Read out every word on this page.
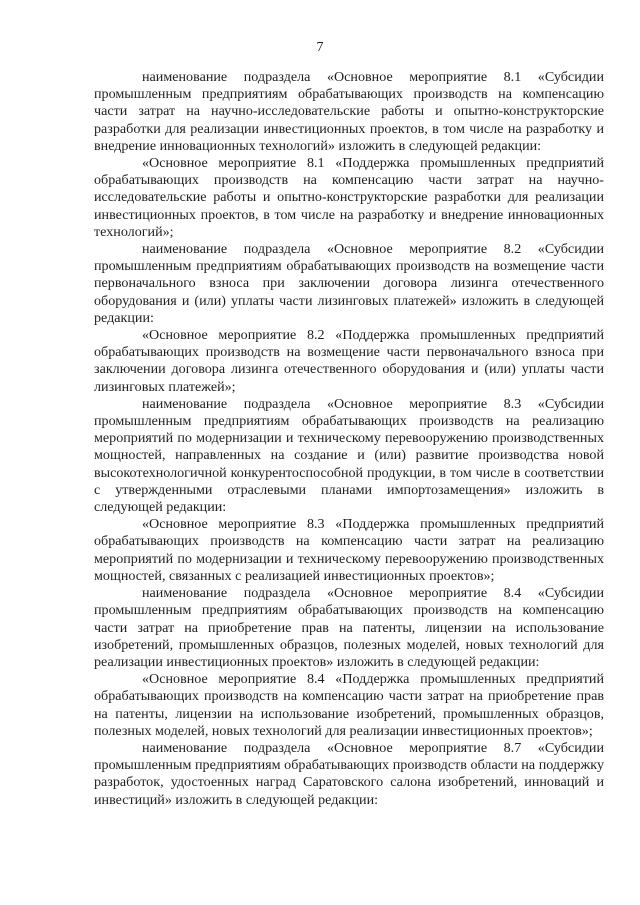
7

наименование подраздела «Основное мероприятие 8.1 «Субсидии промышленным предприятиям обрабатывающих производств на компенсацию части затрат на научно-исследовательские работы и опытно-конструкторские разработки для реализации инвестиционных проектов, в том числе на разработку и внедрение инновационных технологий» изложить в следующей редакции:

«Основное мероприятие 8.1 «Поддержка промышленных предприятий обрабатывающих производств на компенсацию части затрат на научно-исследовательские работы и опытно-конструкторские разработки для реализации инвестиционных проектов, в том числе на разработку и внедрение инновационных технологий»;

наименование подраздела «Основное мероприятие 8.2 «Субсидии промышленным предприятиям обрабатывающих производств на возмещение части первоначального взноса при заключении договора лизинга отечественного оборудования и (или) уплаты части лизинговых платежей» изложить в следующей редакции:

«Основное мероприятие 8.2 «Поддержка промышленных предприятий обрабатывающих производств на возмещение части первоначального взноса при заключении договора лизинга отечественного оборудования и (или) уплаты части лизинговых платежей»;

наименование подраздела «Основное мероприятие 8.3 «Субсидии промышленным предприятиям обрабатывающих производств на реализацию мероприятий по модернизации и техническому перевооружению производственных мощностей, направленных на создание и (или) развитие производства новой высокотехнологичной конкурентоспособной продукции, в том числе в соответствии с утвержденными отраслевыми планами импортозамещения» изложить в следующей редакции:

«Основное мероприятие 8.3 «Поддержка промышленных предприятий обрабатывающих производств на компенсацию части затрат на реализацию мероприятий по модернизации и техническому перевооружению производственных мощностей, связанных с реализацией инвестиционных проектов»;

наименование подраздела «Основное мероприятие 8.4 «Субсидии промышленным предприятиям обрабатывающих производств на компенсацию части затрат на приобретение прав на патенты, лицензии на использование изобретений, промышленных образцов, полезных моделей, новых технологий для реализации инвестиционных проектов» изложить в следующей редакции:

«Основное мероприятие 8.4 «Поддержка промышленных предприятий обрабатывающих производств на компенсацию части затрат на приобретение прав на патенты, лицензии на использование изобретений, промышленных образцов, полезных моделей, новых технологий для реализации инвестиционных проектов»;

наименование подраздела «Основное мероприятие 8.7 «Субсидии промышленным предприятиям обрабатывающих производств области на поддержку разработок, удостоенных наград Саратовского салона изобретений, инноваций и инвестиций» изложить в следующей редакции:
